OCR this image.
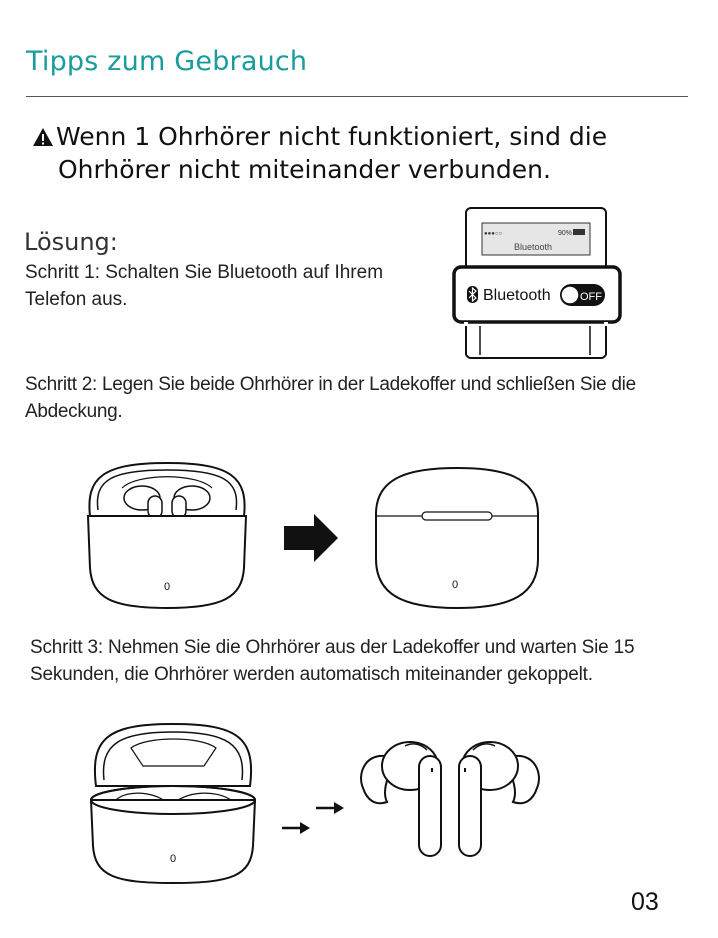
Tipps zum Gebrauch
Wenn 1 Ohrhörer nicht funktioniert, sind die
Ohrhörer nicht miteinander verbunden.
Lösung:
Schritt 1: Schalten Sie Bluetooth auf Ihrem Telefon aus.
●●●○○	90%
Bluetooth
Bluetooth	OFF
Schritt 2: Legen Sie beide Ohrhörer in der Ladekoffer und schließen Sie die Abdeckung.
0	0
Schritt 3: Nehmen Sie die Ohrhörer aus der Ladekoffer und warten Sie 15 Sekunden, die Ohrhörer werden automatisch miteinander gekoppelt.
0
03
